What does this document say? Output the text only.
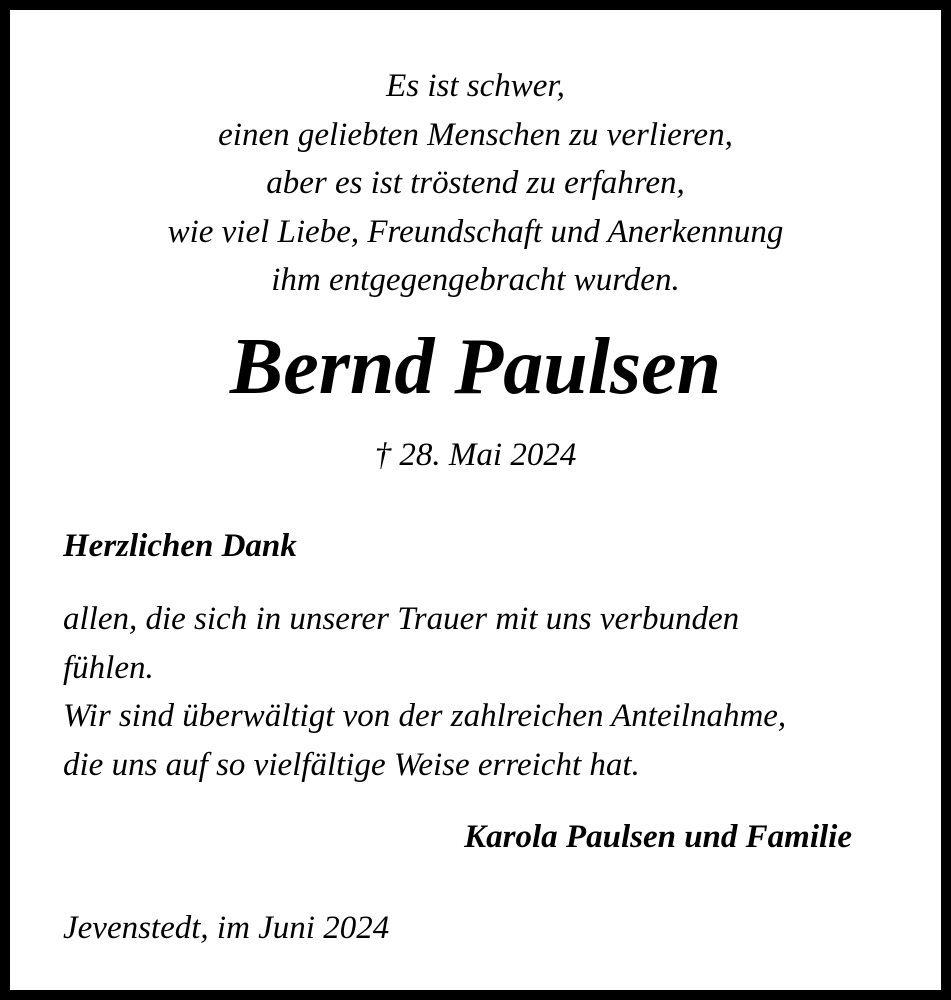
Es ist schwer,
einen geliebten Menschen zu verlieren,
aber es ist tröstend zu erfahren,
wie viel Liebe, Freundschaft und Anerkennung
ihm entgegengebracht wurden.
Bernd Paulsen
† 28. Mai 2024
Herzlichen Dank
allen, die sich in unserer Trauer mit uns verbunden
fühlen.
Wir sind überwältigt von der zahlreichen Anteilnahme,
die uns auf so vielfältige Weise erreicht hat.
Karola Paulsen und Familie
Jevenstedt, im Juni 2024
